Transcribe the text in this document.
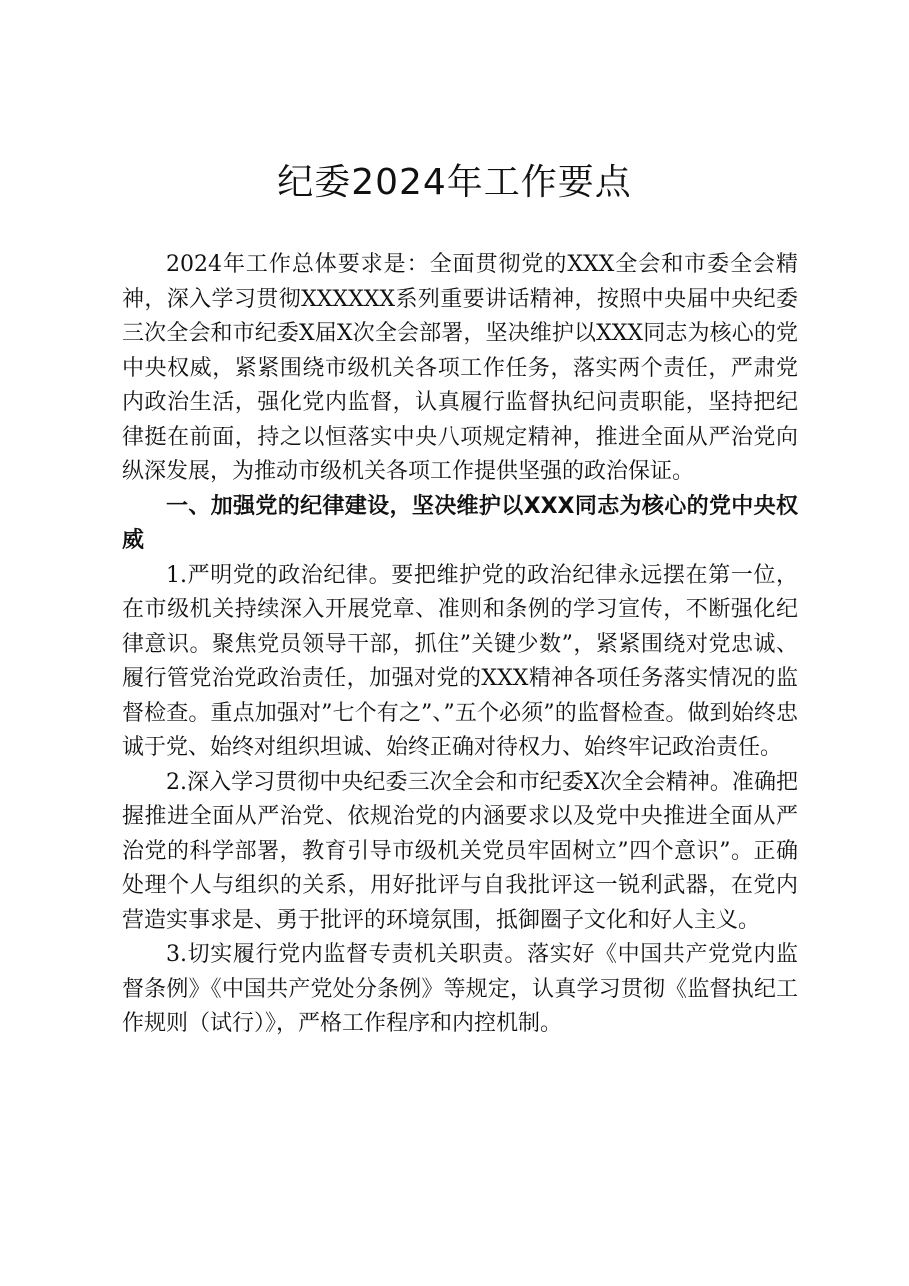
纪委2024年工作要点

2024年工作总体要求是：全面贯彻党的XXX全会和市委全会精神，深入学习贯彻XXXXXX系列重要讲话精神，按照中央届中央纪委三次全会和市纪委X届X次全会部署，坚决维护以XXX同志为核心的党中央权威，紧紧围绕市级机关各项工作任务，落实两个责任，严肃党内政治生活，强化党内监督，认真履行监督执纪问责职能，坚持把纪律挺在前面，持之以恒落实中央八项规定精神，推进全面从严治党向纵深发展，为推动市级机关各项工作提供坚强的政治保证。

一、加强党的纪律建设，坚决维护以XXX同志为核心的党中央权威

1.严明党的政治纪律。要把维护党的政治纪律永远摆在第一位，在市级机关持续深入开展党章、准则和条例的学习宣传，不断强化纪律意识。聚焦党员领导干部，抓住”关键少数”，紧紧围绕对党忠诚、履行管党治党政治责任，加强对党的XXX精神各项任务落实情况的监督检查。重点加强对”七个有之”、”五个必须”的监督检查。做到始终忠诚于党、始终对组织坦诚、始终正确对待权力、始终牢记政治责任。

2.深入学习贯彻中央纪委三次全会和市纪委X次全会精神。准确把握推进全面从严治党、依规治党的内涵要求以及党中央推进全面从严治党的科学部署，教育引导市级机关党员牢固树立”四个意识”。正确处理个人与组织的关系，用好批评与自我批评这一锐利武器，在党内营造实事求是、勇于批评的环境氛围，抵御圈子文化和好人主义。

3.切实履行党内监督专责机关职责。落实好《中国共产党党内监督条例》《中国共产党处分条例》等规定，认真学习贯彻《监督执纪工作规则（试行）》，严格工作程序和内控机制。
